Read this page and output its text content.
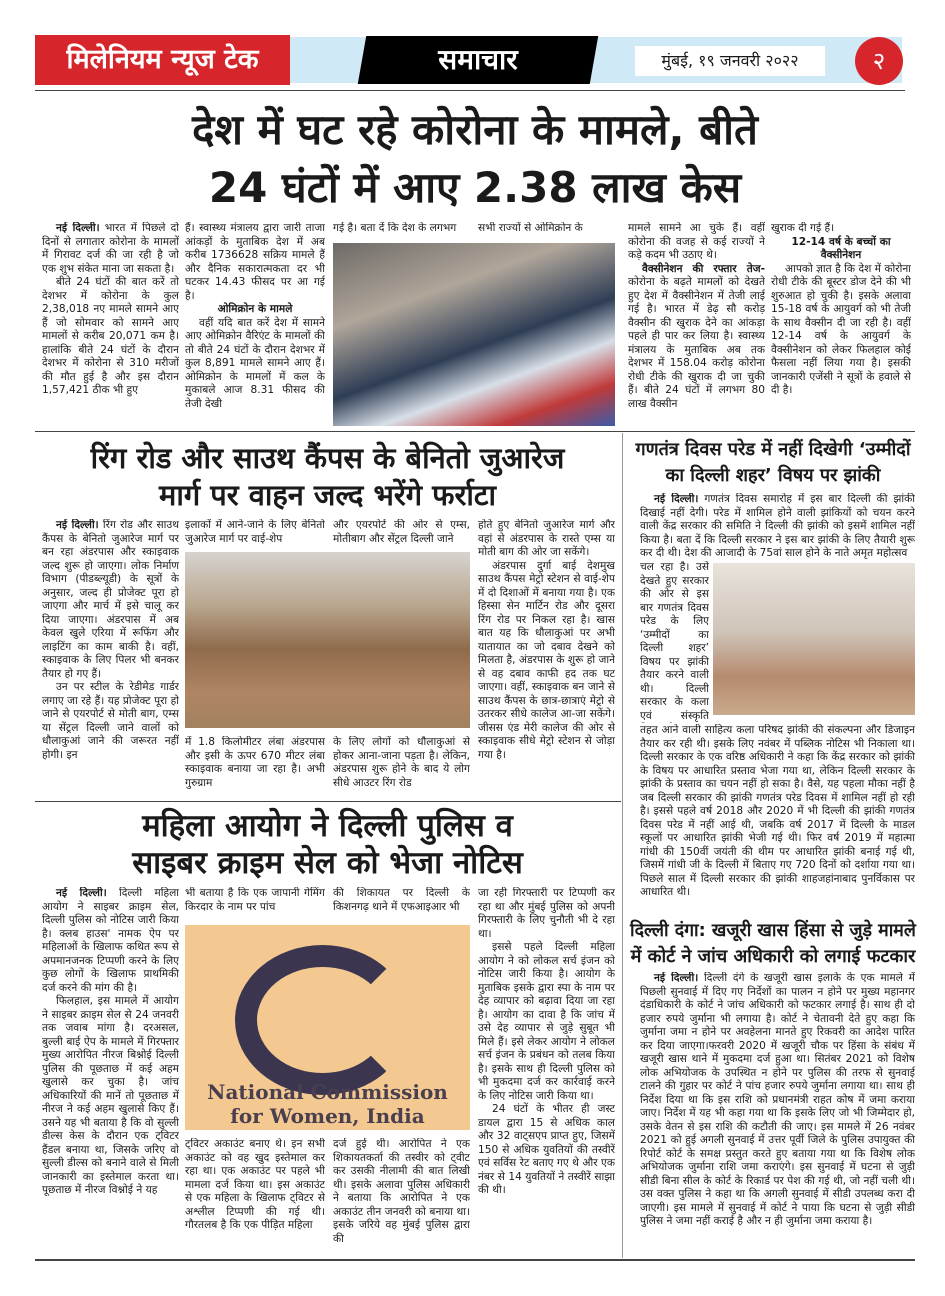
मिलेनियम न्यूज टेक	समाचार	मुंबई, १९ जनवरी २०२२	२
देश में घट रहे कोरोना के मामले, बीते
24 घंटों में आए 2.38 लाख केस

नई दिल्ली। भारत में पिछले दो दिनों से लगातार कोरोना के मामलों में गिरावट दर्ज की जा रही है जो एक शुभ संकेत माना जा सकता है।

बीते 24 घंटों की बात करें तो देशभर में कोरोना के कुल 2,38,018 नए मामले सामने आए हैं जो सोमवार को सामने आए मामलों से करीब 20,071 कम है। हालांकि बीते 24 घंटों के दौरान देशभर में कोरोना से 310 मरीजों की मौत हुई है और इस दौरान 1,57,421 ठीक भी हुए

हैं। स्वास्थ्य मंत्रालय द्वारा जारी ताजा आंकड़ों के मुताबिक देश में अब करीब 1736628 सक्रिय मामले हैं और दैनिक सकारात्मकता दर भी घटकर 14.43 फीसद पर आ गई है।

ओमिक्रोन के मामले

वहीं यदि बात करें देश में सामने आए ओमिक्रोन वैरिएंट के मामलों की तो बीते 24 घंटों के दौरान देशभर में कुल 8,891 मामले सामने आए हैं। ओमिक्रोन के मामलों में कल के मुकाबले आज 8.31 फीसद की तेजी देखी

गई है। बता दें कि देश के लगभग	सभी राज्यों से ओमिक्रोन के	मामले सामने आ चुके हैं। वहीं कोरोना की वजह से कई राज्यों ने कड़े कदम भी उठाए थे।

वैक्सीनेशन की रफ्तार तेज- कोरोना के बढ़ते मामलों को देखते हुए देश में वैक्सीनेशन में तेजी लाई गई है। भारत में डेढ़ सौ करोड़ वैक्सीन की खुराक देने का आंकड़ा पहले ही पार कर लिया है। स्वास्थ्य मंत्रालय के मुताबिक अब तक देशभर में 158.04 करोड़ कोरोना रोधी टीके की खुराक दी जा चुकी हैं। बीते 24 घंटों में लगभग 80 लाख वैक्सीन

खुराक दी गई हैं।

12-14 वर्ष के बच्चों का वैक्सीनेशन

आपको ज्ञात है कि देश में कोरोना रोधी टीके की बूस्टर डोज देने की भी शुरुआत हो चुकी है। इसके अलावा 15-18 वर्ष के आयुवर्ग को भी तेजी के साथ वैक्सीन दी जा रही है। वहीं 12-14 वर्ष के आयुवर्ग के वैक्सीनेशन को लेकर फिलहाल कोई फैसला नहीं लिया गया है। इसकी जानकारी एजेंसी ने सूत्रों के हवाले से दी है।

रिंग रोड और साउथ कैंपस के बेनितो जुआरेज
मार्ग पर वाहन जल्द भरेंगे फर्राटा

नई दिल्ली। रिंग रोड और साउथ कैंपस के बेनितो जुआरेज मार्ग पर बन रहा अंडरपास और स्काइवाक जल्द शुरू हो जाएगा। लोक निर्माण विभाग (पीडब्ल्यूडी) के सूत्रों के अनुसार, जल्द ही प्रोजेक्ट पूरा हो जाएगा और मार्च में इसे चालू कर दिया जाएगा। अंडरपास में अब केवल खुले एरिया में रूफिंग और लाइटिंग का काम बाकी है। वहीं, स्काइवाक के लिए पिलर भी बनकर तैयार हो गए हैं।

उन पर स्टील के रेडीमेड गार्डर लगाए जा रहे हैं। यह प्रोजेक्ट पूरा हो जाने से एयरपोर्ट से मोती बाग, एम्स या सेंट्रल दिल्ली जाने वालों को धौलाकुआं जाने की जरूरत नहीं होगी। इन

इलाकों में आने-जाने के लिए बेनितो जुआरेज मार्ग पर वाई-शेप

और एयरपोर्ट की ओर से एम्स, मोतीबाग और सेंट्रल दिल्ली जाने

में 1.8 किलोमीटर लंबा अंडरपास और इसी के ऊपर 670 मीटर लंबा स्काइवाक बनाया जा रहा है। अभी गुरुग्राम

के लिए लोगों को धौलाकुआं से होकर आना-जाना पड़ता है। लेकिन, अंडरपास शुरू होने के बाद ये लोग सीधे आउटर रिंग रोड

होते हुए बेनितो जुआरेज मार्ग और वहां से अंडरपास के रास्ते एम्स या मोती बाग की ओर जा सकेंगे।

अंडरपास दुर्गा बाई देशमुख साउथ कैंपस मेट्रो स्टेशन से वाई-शेप में दो दिशाओं में बनाया गया है। एक हिस्सा सेन मार्टिन रोड और दूसरा रिंग रोड पर निकल रहा है। खास बात यह कि धौलाकुआं पर अभी यातायात का जो दबाव देखने को मिलता है, अंडरपास के शुरू हो जाने से वह दबाव काफी हद तक घट जाएगा। वहीं, स्काइवाक बन जाने से साउथ कैंपस के छात्र-छात्राएं मेट्रो से उतरकर सीधे कालेज आ-जा सकेंगे। जीसस एंड मेरी कालेज की ओर से स्काइवाक सीधे मेट्रो स्टेशन से जोड़ा गया है।

महिला आयोग ने दिल्ली पुलिस व
साइबर क्राइम सेल को भेजा नोटिस

नई दिल्ली। दिल्ली महिला आयोग ने साइबर क्राइम सेल, दिल्ली पुलिस को नोटिस जारी किया है। क्लब हाउस' नामक ऐप पर महिलाओं के खिलाफ कथित रूप से अपमानजनक टिप्पणी करने के लिए कुछ लोगों के खिलाफ प्राथमिकी दर्ज करने की मांग की है।

फिलहाल, इस मामले में आयोग ने साइबर क्राइम सेल से 24 जनवरी तक जवाब मांगा है। दरअसल, बुल्ली बाई ऐप के मामले में गिरफ्तार मुख्य आरोपित नीरज बिश्नोई दिल्ली पुलिस की पूछताछ में कई अहम खुलासे कर चुका है। जांच अधिकारियों की मानें तो पूछताछ में नीरज ने कई अहम खुलासे किए हैं। उसने यह भी बताया है कि वो सुल्ली डील्स केस के दौरान एक ट्विटर हैंडल बनाया था, जिसके जरिए वो सुल्ली डील्स को बनाने वाले से मिली जानकारी का इस्तेमाल करता था। पूछताछ में नीरज विश्नोई ने यह

भी बताया है कि एक जापानी गेमिंग किरदार के नाम पर पांच

की शिकायत पर दिल्ली के किशनगढ़ थाने में एफआइआर भी

National Commission
for Women, India

ट्विटर अकाउंट बनाए थे। इन सभी अकाउंट को वह खुद इस्तेमाल कर रहा था। एक अकाउंट पर पहले भी मामला दर्ज किया था। इस अकाउंट से एक महिला के खिलाफ ट्विटर से अश्लील टिप्पणी की गई थी। गौरतलब है कि एक पीड़ित महिला

दर्ज हुई थी। आरोपित ने एक शिकायतकर्ता की तस्वीर को ट्वीट कर उसकी नीलामी की बात लिखी थी। इसके अलावा पुलिस अधिकारी ने बताया कि आरोपित ने एक अकाउंट तीन जनवरी को बनाया था। इसके जरिये वह मुंबई पुलिस द्वारा की

जा रही गिरफ्तारी पर टिप्पणी कर रहा था और मुंबई पुलिस को अपनी गिरफ्तारी के लिए चुनौती भी दे रहा था।

इससे पहले दिल्ली महिला आयोग ने को लोकल सर्च इंजन को नोटिस जारी किया है। आयोग के मुताबिक इसके द्वारा स्पा के नाम पर देह व्यापार को बढ़ावा दिया जा रहा है। आयोग का दावा है कि जांच में उसे देह व्यापार से जुड़े सुबूत भी मिले हैं। इसे लेकर आयोग ने लोकल सर्च इंजन के प्रबंधन को तलब किया है। इसके साथ ही दिल्ली पुलिस को भी मुकदमा दर्ज कर कार्रवाई करने के लिए नोटिस जारी किया था।

24 घंटों के भीतर ही जस्ट डायल द्वारा 15 से अधिक काल और 32 वाट्सएप प्राप्त हुए, जिसमें 150 से अधिक युवतियों की तस्वीरें एवं सर्विस रेट बताए गए थे और एक नंबर से 14 युवतियों ने तस्वीरें साझा की थी।

गणतंत्र दिवस परेड में नहीं दिखेगी ‘उम्मीदों
का दिल्ली शहर’ विषय पर झांकी

नई दिल्ली। गणतंत्र दिवस समारोह में इस बार दिल्ली की झांकी दिखाई नहीं देगी। परेड में शामिल होने वाली झांकियों को चयन करने वाली केंद्र सरकार की समिति ने दिल्ली की झांकी को इसमें शामिल नहीं किया है। बता दें कि दिल्ली सरकार ने इस बार झांकी के लिए तैयारी शुरू कर दी थी। देश की आजादी के 75वां साल होने के नाते अमृत महोत्सव

चल रहा है। उसे देखते हुए सरकार की ओर से इस बार गणतंत्र दिवस परेड के लिए ‘उम्मीदों का दिल्ली शहर’ विषय पर झांकी तैयार करने वाली थी। दिल्ली सरकार के कला एवं संस्कृति

तहत आने वाली साहित्य कला परिषद झांकी की संकल्पना और डिजाइन तैयार कर रही थी। इसके लिए नवंबर में पब्लिक नोटिस भी निकाला था। दिल्ली सरकार के एक वरिष्ठ अधिकारी ने कहा कि केंद्र सरकार को झांकी के विषय पर आधारित प्रस्ताव भेजा गया था, लेकिन दिल्ली सरकार के झांकी के प्रस्ताव का चयन नहीं हो सका है। वैसे, यह पहला मौका नहीं है जब दिल्ली सरकार की झांकी गणतंत्र परेड दिवस में शामिल नहीं हो रही है। इससे पहले वर्ष 2018 और 2020 में भी दिल्ली की झांकी गणतंत्र दिवस परेड में नहीं आई थी, जबकि वर्ष 2017 में दिल्ली के माडल स्कूलों पर आधारित झांकी भेजी गई थी। फिर वर्ष 2019 में महात्मा गांधी की 150वीं जयंती की थीम पर आधारित झांकी बनाई गई थी, जिसमें गांधी जी के दिल्ली में बिताए गए 720 दिनों को दर्शाया गया था। पिछले साल में दिल्ली सरकार की झांकी शाहजहांनाबाद पुनर्विकास पर आधारित थी।

दिल्ली दंगा: खजूरी खास हिंसा से जुड़े मामले
में कोर्ट ने जांच अधिकारी को लगाई फटकार

नई दिल्ली। दिल्ली दंगे के खजूरी खास इलाके के एक मामले में पिछली सुनवाई में दिए गए निर्देशों का पालन न होने पर मुख्य महानगर दंडाधिकारी के कोर्ट ने जांच अधिकारी को फटकार लगाई है। साथ ही दो हजार रुपये जुर्माना भी लगाया है। कोर्ट ने चेतावनी देते हुए कहा कि जुर्माना जमा न होने पर अवहेलना मानते हुए रिकवरी का आदेश पारित कर दिया जाएगा।फरवरी 2020 में खजूरी चौक पर हिंसा के संबंध में खजूरी खास थाने में मुकदमा दर्ज हुआ था। सितंबर 2021 को विशेष लोक अभियोजक के उपस्थित न होने पर पुलिस की तरफ से सुनवाई टालने की गुहार पर कोर्ट ने पांच हजार रुपये जुर्माना लगाया था। साथ ही निर्देश दिया था कि इस राशि को प्रधानमंत्री राहत कोष में जमा कराया जाए। निर्देश में यह भी कहा गया था कि इसके लिए जो भी जिम्मेदार हो, उसके वेतन से इस राशि की कटौती की जाए। इस मामले में 26 नवंबर 2021 को हुई अगली सुनवाई में उत्तर पूर्वी जिले के पुलिस उपायुक्त की रिपोर्ट कोर्ट के समक्ष प्रस्तुत करते हुए बताया गया था कि विशेष लोक अभियोजक जुर्माना राशि जमा कराएंगे। इस सुनवाई में घटना से जुड़ी सीडी बिना सील के कोर्ट के रिकार्ड पर पेश की गई थी, जो नहीं चली थी। उस वक्त पुलिस ने कहा था कि अगली सुनवाई में सीडी उपलब्ध करा दी जाएगी। इस मामले में सुनवाई में कोर्ट ने पाया कि घटना से जुड़ी सीडी पुलिस ने जमा नहीं कराई है और न ही जुर्माना जमा कराया है।
